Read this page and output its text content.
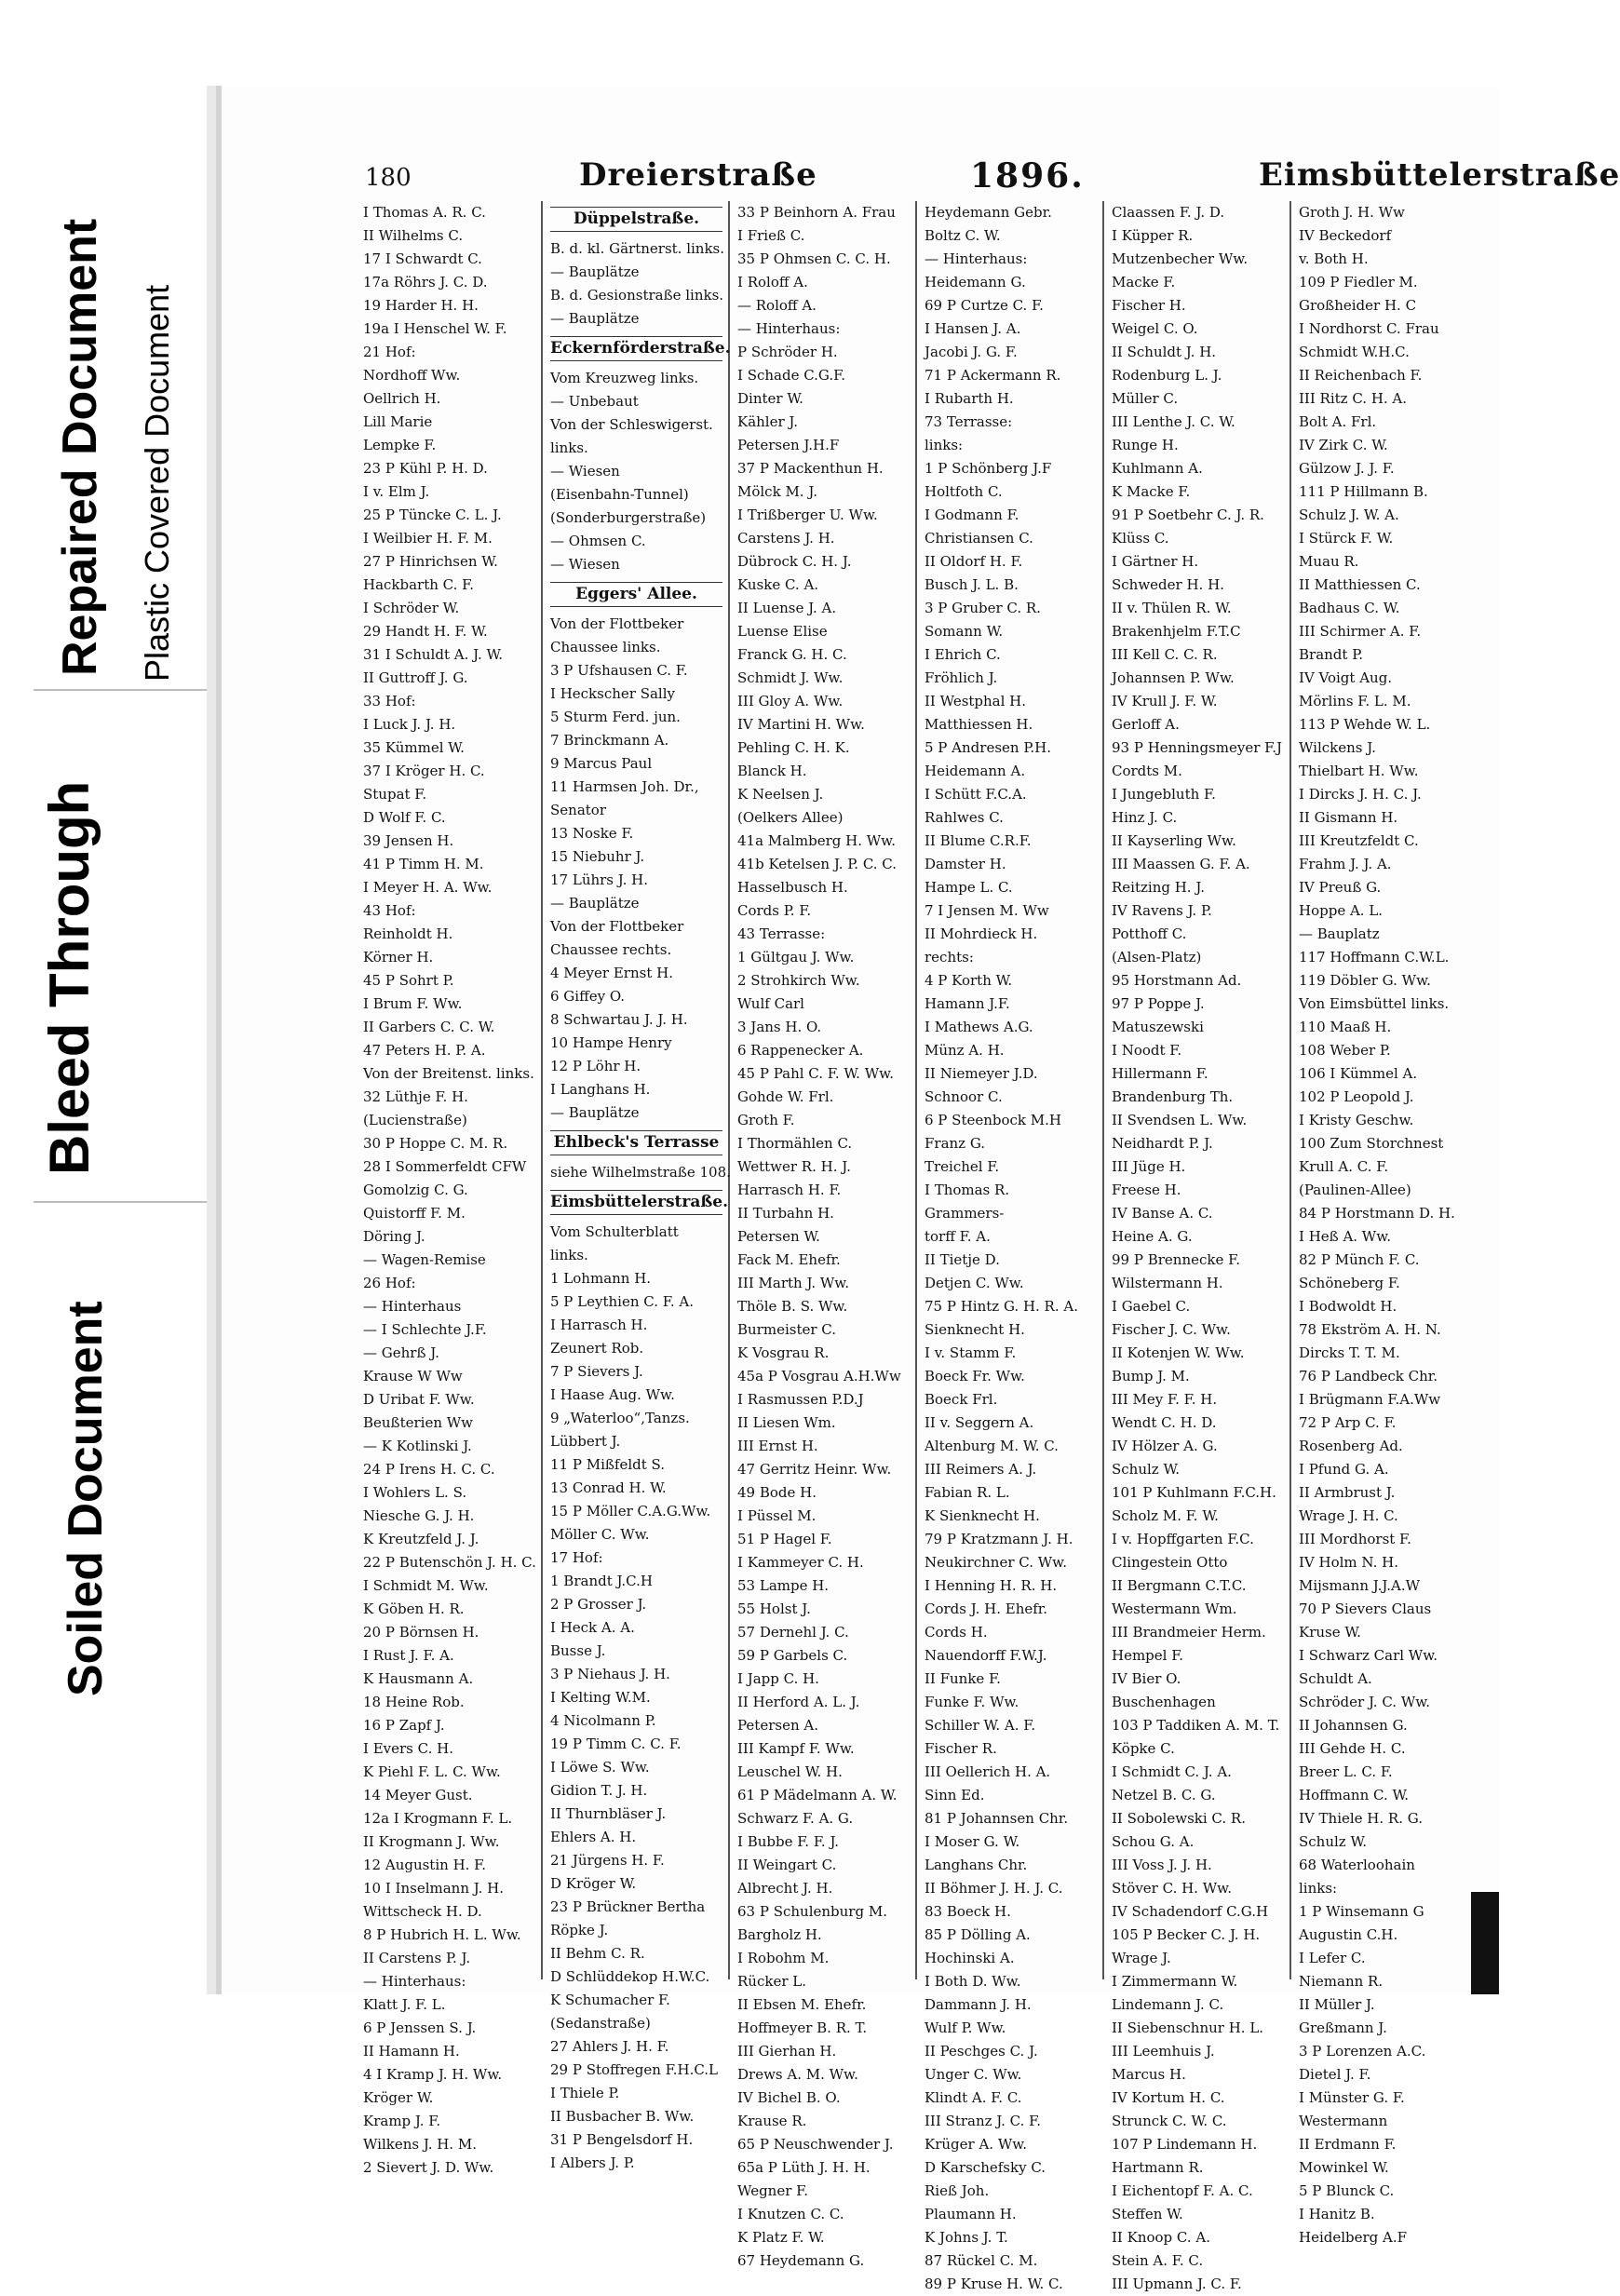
Soiled Document
Bleed Through
Repaired Document Plastic Covered Document
180	Dreierstraße	1896.	Eimsbüttelerstraße

I Thomas A. R. C.

II Wilhelms C.

17 I Schwardt C.

17a Röhrs J. C. D.

19 Harder H. H.

19a I Henschel W. F.

21 Hof:

Nordhoff Ww.

Oellrich H.

Lill Marie

Lempke F.

23 P Kühl P. H. D.

I v. Elm J.

25 P Tüncke C. L. J.

I Weilbier H. F. M.

27 P Hinrichsen W.

Hackbarth C. F.

I Schröder W.

29 Handt H. F. W.

31 I Schuldt A. J. W.

II Guttroff J. G.

33 Hof:

I Luck J. J. H.

35 Kümmel W.

37 I Kröger H. C.

Stupat F.

D Wolf F. C.

39 Jensen H.

41 P Timm H. M.

I Meyer H. A. Ww.

43 Hof:

Reinholdt H.

Körner H.

45 P Sohrt P.

I Brum F. Ww.

II Garbers C. C. W.

47 Peters H. P. A.

Von der Breitenst. links.

32 Lüthje F. H.

(Lucienstraße)

30 P Hoppe C. M. R.

28 I Sommerfeldt CFW

Gomolzig C. G.

Quistorff F. M.

Döring J.

— Wagen-Remise

26 Hof:

— Hinterhaus

— I Schlechte J.F.

— Gehrß J.

Krause W Ww

D Uribat F. Ww.

Beußterien Ww

— K Kotlinski J.

24 P Irens H. C. C.

I Wohlers L. S.

Niesche G. J. H.

K Kreutzfeld J. J.

22 P Butenschön J. H. C.

I Schmidt M. Ww.

K Göben H. R.

20 P Börnsen H.

I Rust J. F. A.

K Hausmann A.

18 Heine Rob.

16 P Zapf J.

I Evers C. H.

K Piehl F. L. C. Ww.

14 Meyer Gust.

12a I Krogmann F. L.

II Krogmann J. Ww.

12 Augustin H. F.

10 I Inselmann J. H.

Wittscheck H. D.

8 P Hubrich H. L. Ww.

II Carstens P. J.

— Hinterhaus:

Klatt J. F. L.

6 P Jenssen S. J.

II Hamann H.

4 I Kramp J. H. Ww.

Kröger W.

Kramp J. F.

Wilkens J. H. M.

2 Sievert J. D. Ww.

Düppelstraße.

B. d. kl. Gärtnerst. links.

— Bauplätze

B. d. Gesionstraße links.

— Bauplätze

Eckernförderstraße.

Vom Kreuzweg links.

— Unbebaut

Von der Schleswigerst.

links.

— Wiesen

(Eisenbahn-Tunnel)

(Sonderburgerstraße)

— Ohmsen C.

— Wiesen

Eggers' Allee.

Von der Flottbeker

Chaussee links.

3 P Ufshausen C. F.

I Heckscher Sally

5 Sturm Ferd. jun.

7 Brinckmann A.

9 Marcus Paul

11 Harmsen Joh. Dr.,

Senator

13 Noske F.

15 Niebuhr J.

17 Lührs J. H.

— Bauplätze

Von der Flottbeker

Chaussee rechts.

4 Meyer Ernst H.

6 Giffey O.

8 Schwartau J. J. H.

10 Hampe Henry

12 P Löhr H.

I Langhans H.

— Bauplätze

Ehlbeck's Terrasse

siehe Wilhelmstraße 108.

Eimsbüttelerstraße.

Vom Schulterblatt

links.

1 Lohmann H.

5 P Leythien C. F. A.

I Harrasch H.

Zeunert Rob.

7 P Sievers J.

I Haase Aug. Ww.

9 „Waterloo“,Tanzs.

Lübbert J.

11 P Mißfeldt S.

13 Conrad H. W.

15 P Möller C.A.G.Ww.

Möller C. Ww.

17 Hof:

1 Brandt J.C.H

2 P Grosser J.

I Heck A. A.

Busse J.

3 P Niehaus J. H.

I Kelting W.M.

4 Nicolmann P.

19 P Timm C. C. F.

I Löwe S. Ww.

Gidion T. J. H.

II Thurnbläser J.

Ehlers A. H.

21 Jürgens H. F.

D Kröger W.

23 P Brückner Bertha

Röpke J.

II Behm C. R.

D Schlüddekop H.W.C.

K Schumacher F.

(Sedanstraße)

27 Ahlers J. H. F.

29 P Stoffregen F.H.C.L

I Thiele P.

II Busbacher B. Ww.

31 P Bengelsdorf H.

I Albers J. P.

33 P Beinhorn A. Frau

I Frieß C.

35 P Ohmsen C. C. H.

I Roloff A.

— Roloff A.

— Hinterhaus:

P Schröder H.

I Schade C.G.F.

Dinter W.

Kähler J.

Petersen J.H.F

37 P Mackenthun H.

Mölck M. J.

I Trißberger U. Ww.

Carstens J. H.

Dübrock C. H. J.

Kuske C. A.

II Luense J. A.

Luense Elise

Franck G. H. C.

Schmidt J. Ww.

III Gloy A. Ww.

IV Martini H. Ww.

Pehling C. H. K.

Blanck H.

K Neelsen J.

(Oelkers Allee)

41a Malmberg H. Ww.

41b Ketelsen J. P. C. C.

Hasselbusch H.

Cords P. F.

43 Terrasse:

1 Gültgau J. Ww.

2 Strohkirch Ww.

Wulf Carl

3 Jans H. O.

6 Rappenecker A.

45 P Pahl C. F. W. Ww.

Gohde W. Frl.

Groth F.

I Thormählen C.

Wettwer R. H. J.

Harrasch H. F.

II Turbahn H.

Petersen W.

Fack M. Ehefr.

III Marth J. Ww.

Thöle B. S. Ww.

Burmeister C.

K Vosgrau R.

45a P Vosgrau A.H.Ww

I Rasmussen P.D.J

II Liesen Wm.

III Ernst H.

47 Gerritz Heinr. Ww.

49 Bode H.

I Püssel M.

51 P Hagel F.

I Kammeyer C. H.

53 Lampe H.

55 Holst J.

57 Dernehl J. C.

59 P Garbels C.

I Japp C. H.

II Herford A. L. J.

Petersen A.

III Kampf F. Ww.

Leuschel W. H.

61 P Mädelmann A. W.

Schwarz F. A. G.

I Bubbe F. F. J.

II Weingart C.

Albrecht J. H.

63 P Schulenburg M.

Bargholz H.

I Robohm M.

Rücker L.

II Ebsen M. Ehefr.

Hoffmeyer B. R. T.

III Gierhan H.

Drews A. M. Ww.

IV Bichel B. O.

Krause R.

65 P Neuschwender J.

65a P Lüth J. H. H.

Wegner F.

I Knutzen C. C.

K Platz F. W.

67 Heydemann G.

Heydemann Gebr.

Boltz C. W.

— Hinterhaus:

Heidemann G.

69 P Curtze C. F.

I Hansen J. A.

Jacobi J. G. F.

71 P Ackermann R.

I Rubarth H.

73 Terrasse:

links:

1 P Schönberg J.F

Holtfoth C.

I Godmann F.

Christiansen C.

II Oldorf H. F.

Busch J. L. B.

3 P Gruber C. R.

Somann W.

I Ehrich C.

Fröhlich J.

II Westphal H.

Matthiessen H.

5 P Andresen P.H.

Heidemann A.

I Schütt F.C.A.

Rahlwes C.

II Blume C.R.F.

Damster H.

Hampe L. C.

7 I Jensen M. Ww

II Mohrdieck H.

rechts:

4 P Korth W.

Hamann J.F.

I Mathews A.G.

Münz A. H.

II Niemeyer J.D.

Schnoor C.

6 P Steenbock M.H

Franz G.

Treichel F.

I Thomas R.

Grammers-

torff F. A.

II Tietje D.

Detjen C. Ww.

75 P Hintz G. H. R. A.

Sienknecht H.

I v. Stamm F.

Boeck Fr. Ww.

Boeck Frl.

II v. Seggern A.

Altenburg M. W. C.

III Reimers A. J.

Fabian R. L.

K Sienknecht H.

79 P Kratzmann J. H.

Neukirchner C. Ww.

I Henning H. R. H.

Cords J. H. Ehefr.

Cords H.

Nauendorff F.W.J.

II Funke F.

Funke F. Ww.

Schiller W. A. F.

Fischer R.

III Oellerich H. A.

Sinn Ed.

81 P Johannsen Chr.

I Moser G. W.

Langhans Chr.

II Böhmer J. H. J. C.

83 Boeck H.

85 P Dölling A.

Hochinski A.

I Both D. Ww.

Dammann J. H.

Wulf P. Ww.

II Peschges C. J.

Unger C. Ww.

Klindt A. F. C.

III Stranz J. C. F.

Krüger A. Ww.

D Karschefsky C.

Rieß Joh.

Plaumann H.

K Johns J. T.

87 Rückel C. M.

89 P Kruse H. W. C.

Claassen F. J. D.

I Küpper R.

Mutzenbecher Ww.

Macke F.

Fischer H.

Weigel C. O.

II Schuldt J. H.

Rodenburg L. J.

Müller C.

III Lenthe J. C. W.

Runge H.

Kuhlmann A.

K Macke F.

91 P Soetbehr C. J. R.

Klüss C.

I Gärtner H.

Schweder H. H.

II v. Thülen R. W.

Brakenhjelm F.T.C

III Kell C. C. R.

Johannsen P. Ww.

IV Krull J. F. W.

Gerloff A.

93 P Henningsmeyer F.J

Cordts M.

I Jungebluth F.

Hinz J. C.

II Kayserling Ww.

III Maassen G. F. A.

Reitzing H. J.

IV Ravens J. P.

Potthoff C.

(Alsen-Platz)

95 Horstmann Ad.

97 P Poppe J.

Matuszewski

I Noodt F.

Hillermann F.

Brandenburg Th.

II Svendsen L. Ww.

Neidhardt P. J.

III Jüge H.

Freese H.

IV Banse A. C.

Heine A. G.

99 P Brennecke F.

Wilstermann H.

I Gaebel C.

Fischer J. C. Ww.

II Kotenjen W. Ww.

Bump J. M.

III Mey F. F. H.

Wendt C. H. D.

IV Hölzer A. G.

Schulz W.

101 P Kuhlmann F.C.H.

Scholz M. F. W.

I v. Hopffgarten F.C.

Clingestein Otto

II Bergmann C.T.C.

Westermann Wm.

III Brandmeier Herm.

Hempel F.

IV Bier O.

Buschenhagen

103 P Taddiken A. M. T.

Köpke C.

I Schmidt C. J. A.

Netzel B. C. G.

II Sobolewski C. R.

Schou G. A.

III Voss J. J. H.

Stöver C. H. Ww.

IV Schadendorf C.G.H

105 P Becker C. J. H.

Wrage J.

I Zimmermann W.

Lindemann J. C.

II Siebenschnur H. L.

III Leemhuis J.

Marcus H.

IV Kortum H. C.

Strunck C. W. C.

107 P Lindemann H.

Hartmann R.

I Eichentopf F. A. C.

Steffen W.

II Knoop C. A.

Stein A. F. C.

III Upmann J. C. F.

Groth J. H. Ww

IV Beckedorf

v. Both H.

109 P Fiedler M.

Großheider H. C

I Nordhorst C. Frau

Schmidt W.H.C.

II Reichenbach F.

III Ritz C. H. A.

Bolt A. Frl.

IV Zirk C. W.

Gülzow J. J. F.

111 P Hillmann B.

Schulz J. W. A.

I Stürck F. W.

Muau R.

II Matthiessen C.

Badhaus C. W.

III Schirmer A. F.

Brandt P.

IV Voigt Aug.

Mörlins F. L. M.

113 P Wehde W. L.

Wilckens J.

Thielbart H. Ww.

I Dircks J. H. C. J.

II Gismann H.

III Kreutzfeldt C.

Frahm J. J. A.

IV Preuß G.

Hoppe A. L.

— Bauplatz

117 Hoffmann C.W.L.

119 Döbler G. Ww.

Von Eimsbüttel links.

110 Maaß H.

108 Weber P.

106 I Kümmel A.

102 P Leopold J.

I Kristy Geschw.

100 Zum Storchnest

Krull A. C. F.

(Paulinen-Allee)

84 P Horstmann D. H.

I Heß A. Ww.

82 P Münch F. C.

Schöneberg F.

I Bodwoldt H.

78 Ekström A. H. N.

Dircks T. T. M.

76 P Landbeck Chr.

I Brügmann F.A.Ww

72 P Arp C. F.

Rosenberg Ad.

I Pfund G. A.

II Armbrust J.

Wrage J. H. C.

III Mordhorst F.

IV Holm N. H.

Mijsmann J.J.A.W

70 P Sievers Claus

Kruse W.

I Schwarz Carl Ww.

Schuldt A.

Schröder J. C. Ww.

II Johannsen G.

III Gehde H. C.

Breer L. C. F.

Hoffmann C. W.

IV Thiele H. R. G.

Schulz W.

68 Waterloohain

links:

1 P Winsemann G

Augustin C.H.

I Lefer C.

Niemann R.

II Müller J.

Greßmann J.

3 P Lorenzen A.C.

Dietel J. F.

I Münster G. F.

Westermann

II Erdmann F.

Mowinkel W.

5 P Blunck C.

I Hanitz B.

Heidelberg A.F
